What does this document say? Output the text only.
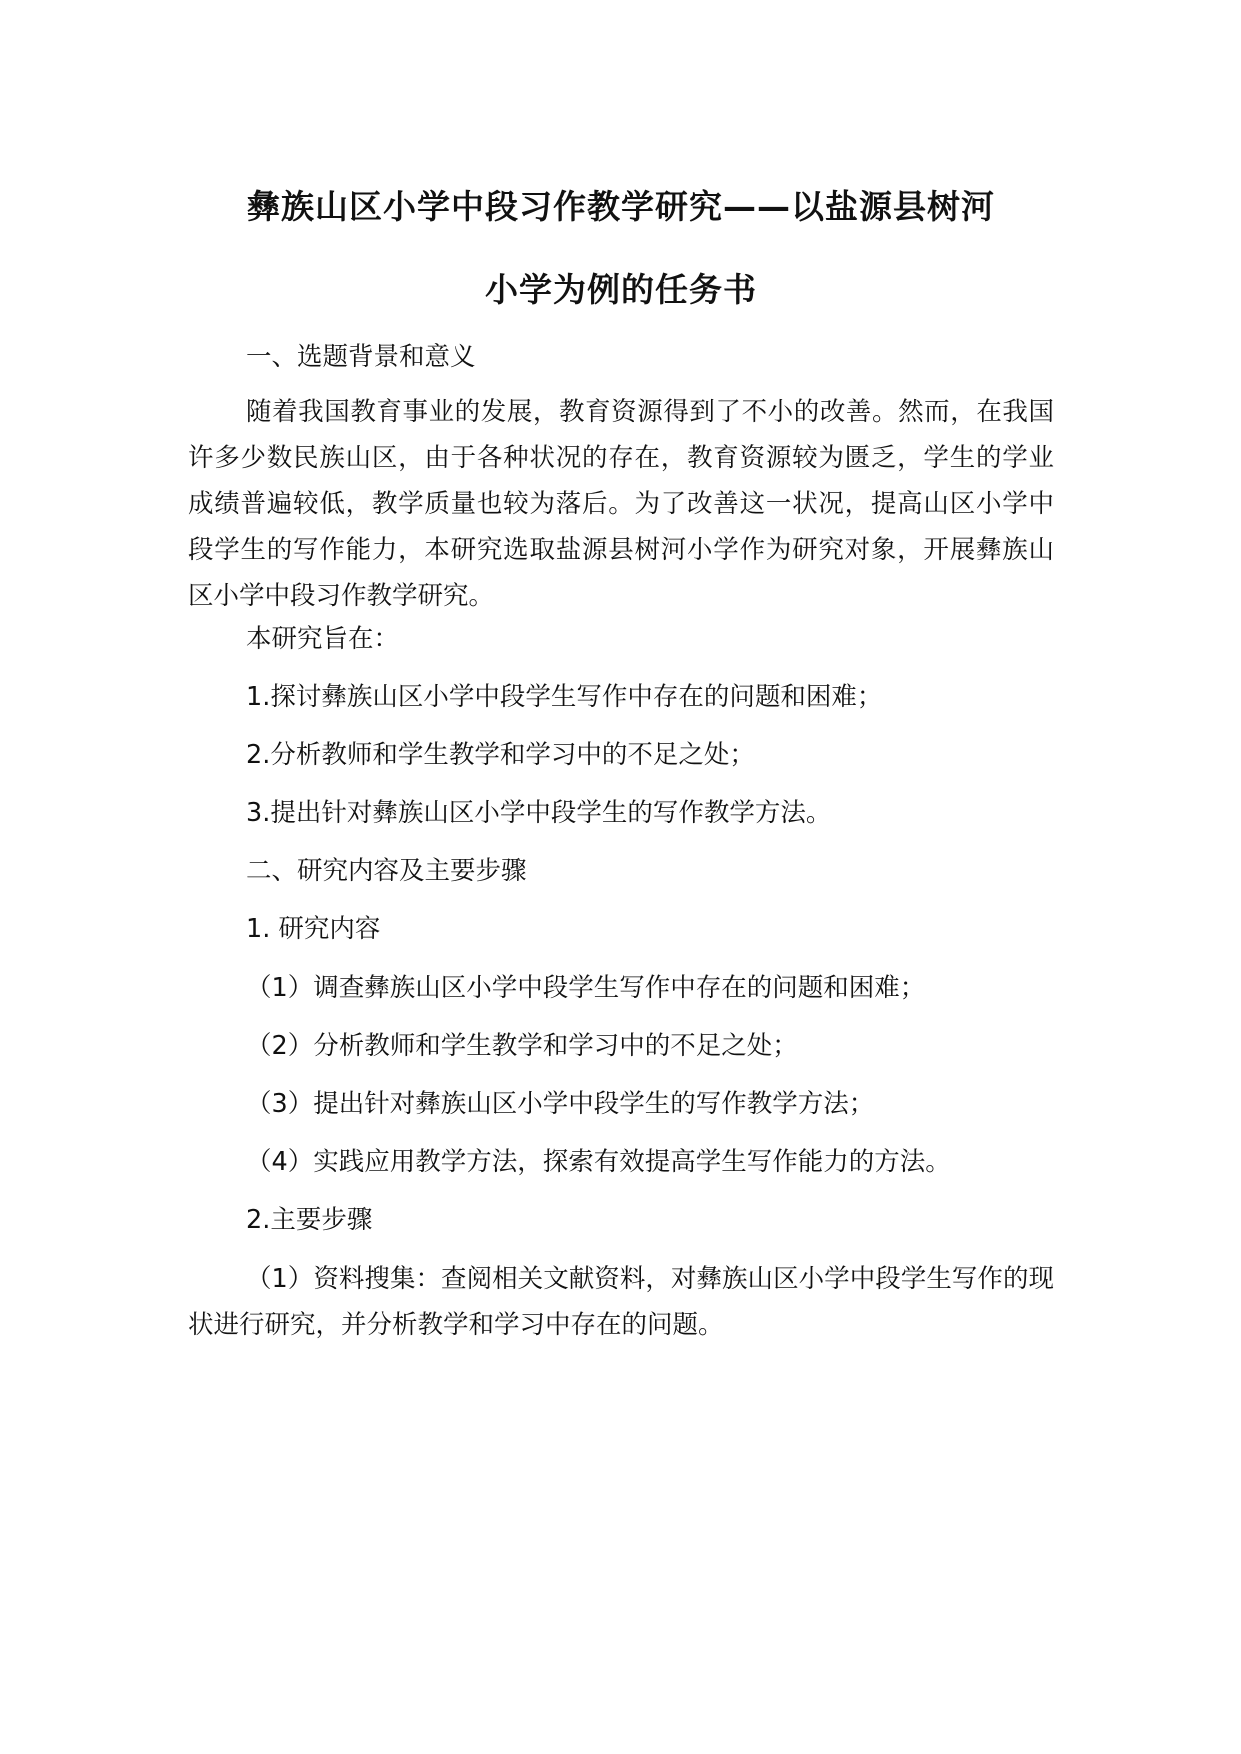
彝族山区小学中段习作教学研究——以盐源县树河
小学为例的任务书
一、选题背景和意义
随着我国教育事业的发展，教育资源得到了不小的改善。然而，在我国许多少数民族山区，由于各种状况的存在，教育资源较为匮乏，学生的学业成绩普遍较低，教学质量也较为落后。为了改善这一状况，提高山区小学中段学生的写作能力，本研究选取盐源县树河小学作为研究对象，开展彝族山区小学中段习作教学研究。
本研究旨在：
1.探讨彝族山区小学中段学生写作中存在的问题和困难；
2.分析教师和学生教学和学习中的不足之处；
3.提出针对彝族山区小学中段学生的写作教学方法。
二、研究内容及主要步骤
1. 研究内容
（1）调查彝族山区小学中段学生写作中存在的问题和困难；
（2）分析教师和学生教学和学习中的不足之处；
（3）提出针对彝族山区小学中段学生的写作教学方法；
（4）实践应用教学方法，探索有效提高学生写作能力的方法。
2.主要步骤
（1）资料搜集：查阅相关文献资料，对彝族山区小学中段学生写作的现状进行研究，并分析教学和学习中存在的问题。
